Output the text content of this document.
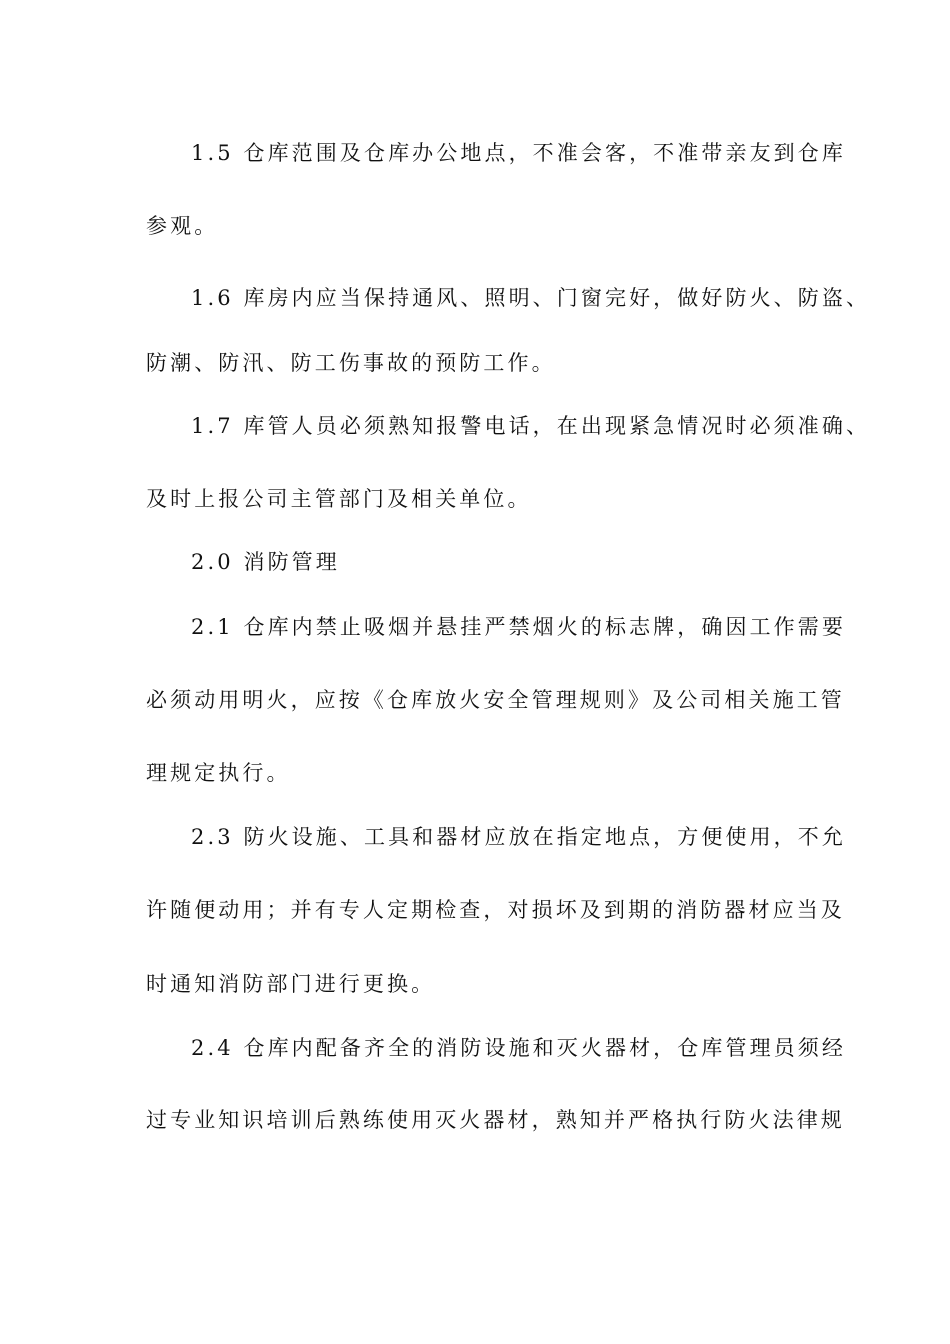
1.5 仓库范围及仓库办公地点，不准会客，不准带亲友到仓库
参观。
1.6 库房内应当保持通风、照明、门窗完好，做好防火、防盗、
防潮、防汛、防工伤事故的预防工作。
1.7 库管人员必须熟知报警电话，在出现紧急情况时必须准确、
及时上报公司主管部门及相关单位。
2.0 消防管理
2.1 仓库内禁止吸烟并悬挂严禁烟火的标志牌，确因工作需要
必须动用明火，应按《仓库放火安全管理规则》及公司相关施工管
理规定执行。
2.3 防火设施、工具和器材应放在指定地点，方便使用，不允
许随便动用；并有专人定期检查，对损坏及到期的消防器材应当及
时通知消防部门进行更换。
2.4 仓库内配备齐全的消防设施和灭火器材，仓库管理员须经
过专业知识培训后熟练使用灭火器材，熟知并严格执行防火法律规
